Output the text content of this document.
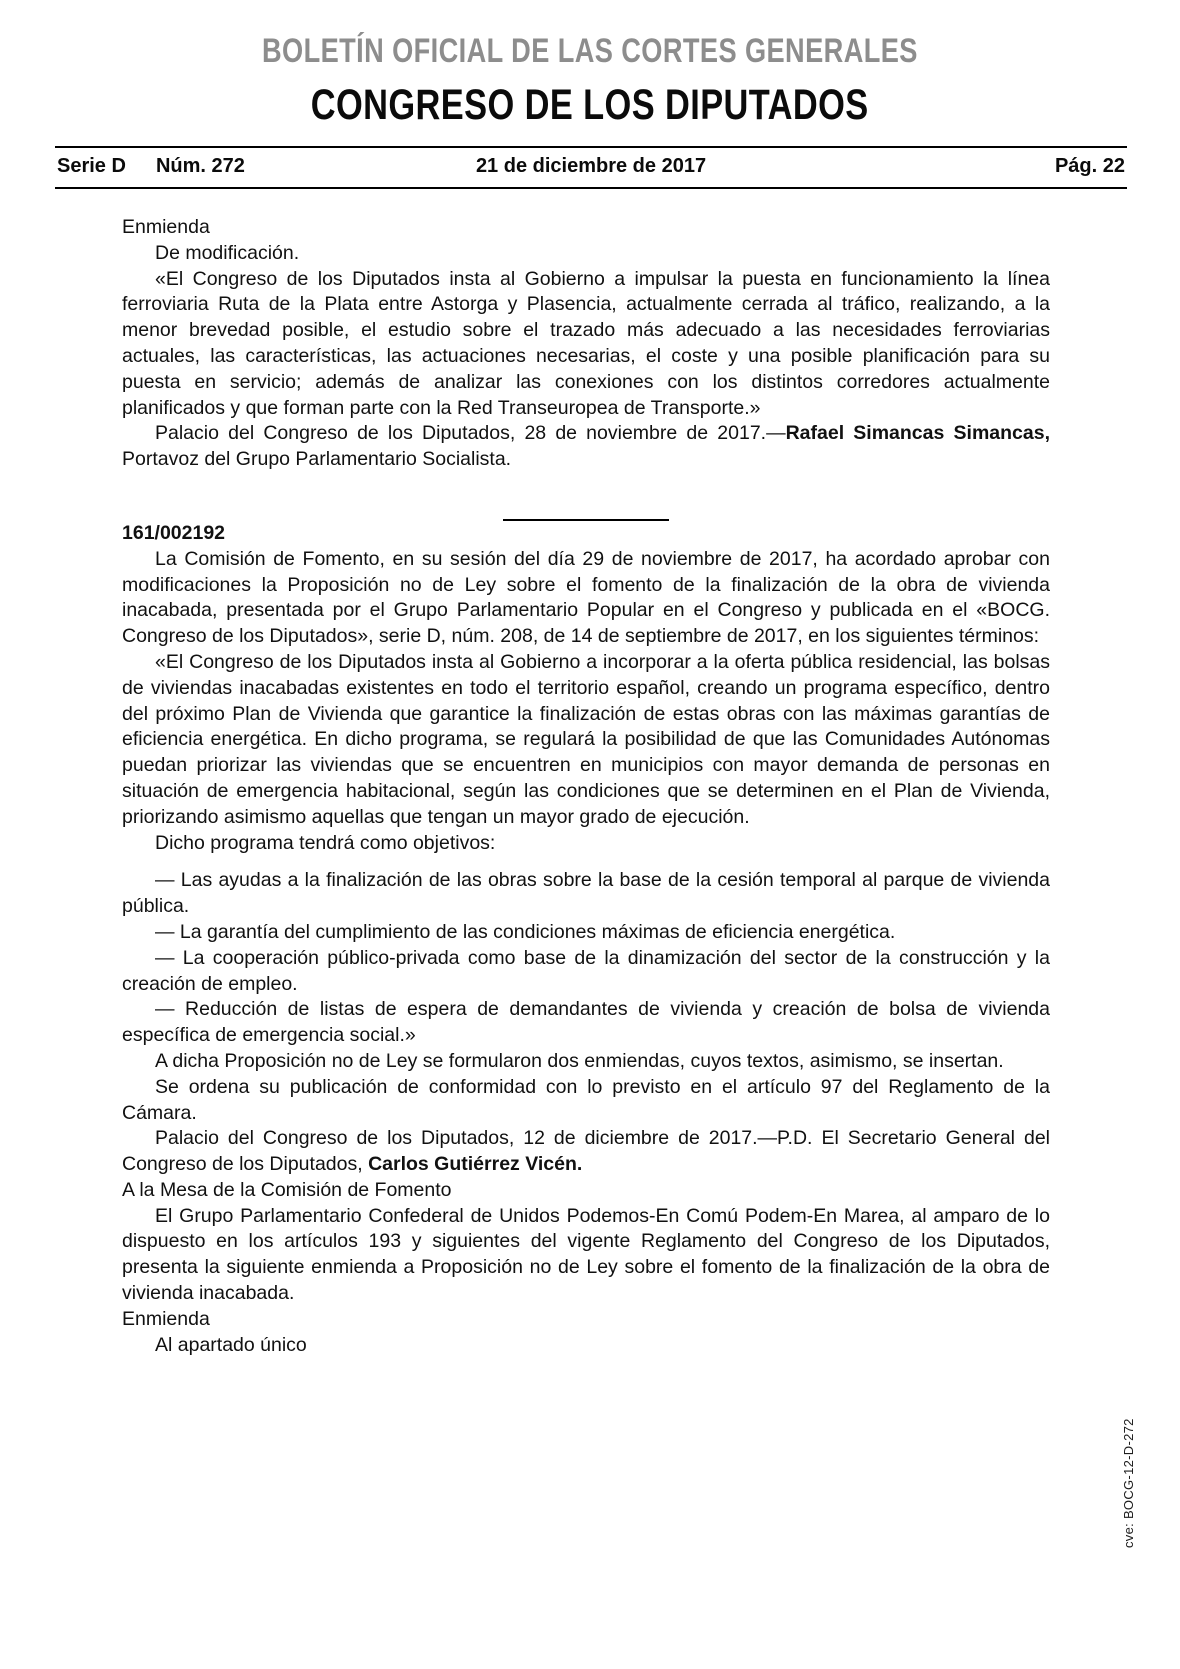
BOLETÍN OFICIAL DE LAS CORTES GENERALES
CONGRESO DE LOS DIPUTADOS
Serie D Núm. 272	21 de diciembre de 2017	Pág. 22

Enmienda

De modificación.

«El Congreso de los Diputados insta al Gobierno a impulsar la puesta en funcionamiento la línea ferroviaria Ruta de la Plata entre Astorga y Plasencia, actualmente cerrada al tráfico, realizando, a la menor brevedad posible, el estudio sobre el trazado más adecuado a las necesidades ferroviarias actuales, las características, las actuaciones necesarias, el coste y una posible planificación para su puesta en servicio; además de analizar las conexiones con los distintos corredores actualmente planificados y que forman parte con la Red Transeuropea de Transporte.»

Palacio del Congreso de los Diputados, 28 de noviembre de 2017.—Rafael Simancas Simancas, Portavoz del Grupo Parlamentario Socialista.

161/002192

La Comisión de Fomento, en su sesión del día 29 de noviembre de 2017, ha acordado aprobar con modificaciones la Proposición no de Ley sobre el fomento de la finalización de la obra de vivienda inacabada, presentada por el Grupo Parlamentario Popular en el Congreso y publicada en el «BOCG. Congreso de los Diputados», serie D, núm. 208, de 14 de septiembre de 2017, en los siguientes términos:

«El Congreso de los Diputados insta al Gobierno a incorporar a la oferta pública residencial, las bolsas de viviendas inacabadas existentes en todo el territorio español, creando un programa específico, dentro del próximo Plan de Vivienda que garantice la finalización de estas obras con las máximas garantías de eficiencia energética. En dicho programa, se regulará la posibilidad de que las Comunidades Autónomas puedan priorizar las viviendas que se encuentren en municipios con mayor demanda de personas en situación de emergencia habitacional, según las condiciones que se determinen en el Plan de Vivienda, priorizando asimismo aquellas que tengan un mayor grado de ejecución.

Dicho programa tendrá como objetivos:

— Las ayudas a la finalización de las obras sobre la base de la cesión temporal al parque de vivienda pública.

— La garantía del cumplimiento de las condiciones máximas de eficiencia energética.

— La cooperación público-privada como base de la dinamización del sector de la construcción y la creación de empleo.

— Reducción de listas de espera de demandantes de vivienda y creación de bolsa de vivienda específica de emergencia social.»

A dicha Proposición no de Ley se formularon dos enmiendas, cuyos textos, asimismo, se insertan.

Se ordena su publicación de conformidad con lo previsto en el artículo 97 del Reglamento de la Cámara.

Palacio del Congreso de los Diputados, 12 de diciembre de 2017.—P.D. El Secretario General del Congreso de los Diputados, Carlos Gutiérrez Vicén.

A la Mesa de la Comisión de Fomento

El Grupo Parlamentario Confederal de Unidos Podemos-En Comú Podem-En Marea, al amparo de lo dispuesto en los artículos 193 y siguientes del vigente Reglamento del Congreso de los Diputados, presenta la siguiente enmienda a Proposición no de Ley sobre el fomento de la finalización de la obra de vivienda inacabada.

Enmienda

Al apartado único

cve: BOCG-12-D-272
